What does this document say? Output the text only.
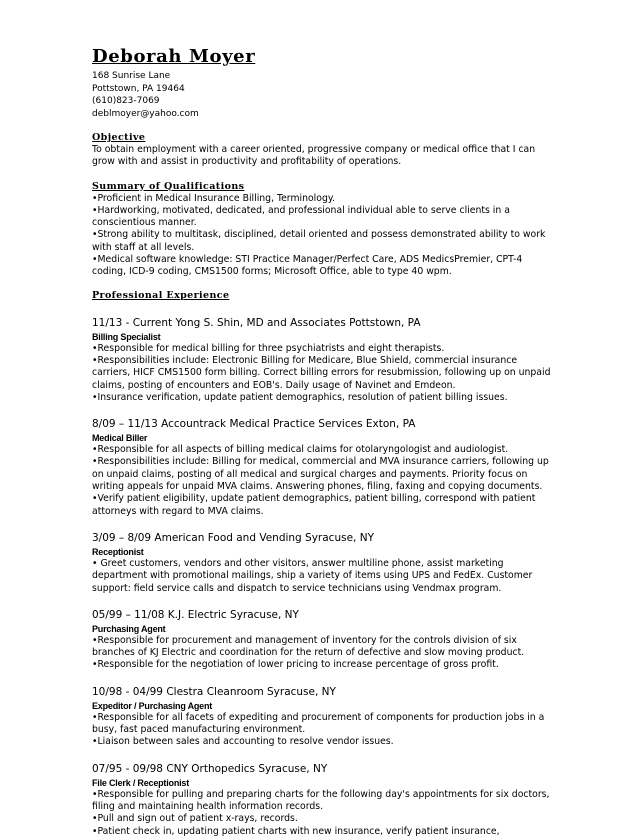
Deborah Moyer
168 Sunrise Lane
Pottstown, PA 19464
(610)823-7069
deblmoyer@yahoo.com
Objective
To obtain employment with a career oriented, progressive company or medical office that I can grow with and assist in productivity and profitability of operations.
Summary of Qualifications
•Proficient in Medical Insurance Billing, Terminology.
•Hardworking, motivated, dedicated, and professional individual able to serve clients in a conscientious manner.
•Strong ability to multitask, disciplined, detail oriented and possess demonstrated ability to work with staff at all levels.
•Medical software knowledge: STI Practice Manager/Perfect Care, ADS MedicsPremier, CPT-4 coding, ICD-9 coding, CMS1500 forms; Microsoft Office, able to type 40 wpm.
Professional Experience
11/13 - Current Yong S. Shin, MD and Associates Pottstown, PA
Billing Specialist
•Responsible for medical billing for three psychiatrists and eight therapists.
•Responsibilities include: Electronic Billing for Medicare, Blue Shield, commercial insurance carriers, HICF CMS1500 form billing. Correct billing errors for resubmission, following up on unpaid claims, posting of encounters and EOB's. Daily usage of Navinet and Emdeon.
•Insurance verification, update patient demographics, resolution of patient billing issues.
8/09 – 11/13 Accountrack Medical Practice Services Exton, PA
Medical Biller
•Responsible for all aspects of billing medical claims for otolaryngologist and audiologist.
•Responsibilities include: Billing for medical, commercial and MVA insurance carriers, following up on unpaid claims, posting of all medical and surgical charges and payments. Priority focus on writing appeals for unpaid MVA claims. Answering phones, filing, faxing and copying documents.
•Verify patient eligibility, update patient demographics, patient billing, correspond with patient attorneys with regard to MVA claims.
3/09 – 8/09 American Food and Vending Syracuse, NY
Receptionist
• Greet customers, vendors and other visitors, answer multiline phone, assist marketing department with promotional mailings, ship a variety of items using UPS and FedEx. Customer support: field service calls and dispatch to service technicians using Vendmax program.
05/99 – 11/08 K.J. Electric Syracuse, NY
Purchasing Agent
•Responsible for procurement and management of inventory for the controls division of six branches of KJ Electric and coordination for the return of defective and slow moving product.
•Responsible for the negotiation of lower pricing to increase percentage of gross profit.
10/98 - 04/99 Clestra Cleanroom Syracuse, NY
Expeditor / Purchasing Agent
•Responsible for all facets of expediting and procurement of components for production jobs in a busy, fast paced manufacturing environment.
•Liaison between sales and accounting to resolve vendor issues.
07/95 - 09/98 CNY Orthopedics Syracuse, NY
File Clerk / Receptionist
•Responsible for pulling and preparing charts for the following day's appointments for six doctors, filing and maintaining health information records.
•Pull and sign out of patient x-rays, records.
•Patient check in, updating patient charts with new insurance, verify patient insurance,
